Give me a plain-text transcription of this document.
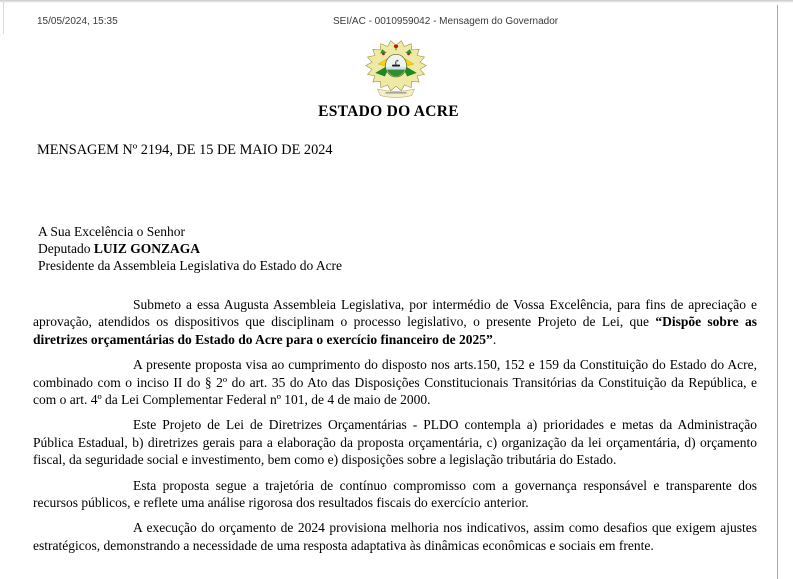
15/05/2024, 15:35	SEI/AC - 0010959042 - Mensagem do Governador
ESTADO DO ACRE
MENSAGEM Nº 2194, DE 15 DE MAIO DE 2024
A Sua Excelência o Senhor
Deputado LUIZ GONZAGA
Presidente da Assembleia Legislativa do Estado do Acre

Submeto a essa Augusta Assembleia Legislativa, por intermédio de Vossa Excelência, para fins de apreciação e aprovação, atendidos os dispositivos que disciplinam o processo legislativo, o presente Projeto de Lei, que “Dispõe sobre as diretrizes orçamentárias do Estado do Acre para o exercício financeiro de 2025”.

A presente proposta visa ao cumprimento do disposto nos arts.150, 152 e 159 da Constituição do Estado do Acre, combinado com o inciso II do § 2º do art. 35 do Ato das Disposições Constitucionais Transitórias da Constituição da República, e com o art. 4º da Lei Complementar Federal nº 101, de 4 de maio de 2000.

Este Projeto de Lei de Diretrizes Orçamentárias - PLDO contempla a) prioridades e metas da Administração Pública Estadual, b) diretrizes gerais para a elaboração da proposta orçamentária, c) organização da lei orçamentária, d) orçamento fiscal, da seguridade social e investimento, bem como e) disposições sobre a legislação tributária do Estado.

Esta proposta segue a trajetória de contínuo compromisso com a governança responsável e transparente dos recursos públicos, e reflete uma análise rigorosa dos resultados fiscais do exercício anterior.

A execução do orçamento de 2024 provisiona melhoria nos indicativos, assim como desafios que exigem ajustes estratégicos, demonstrando a necessidade de uma resposta adaptativa às dinâmicas econômicas e sociais em frente.
